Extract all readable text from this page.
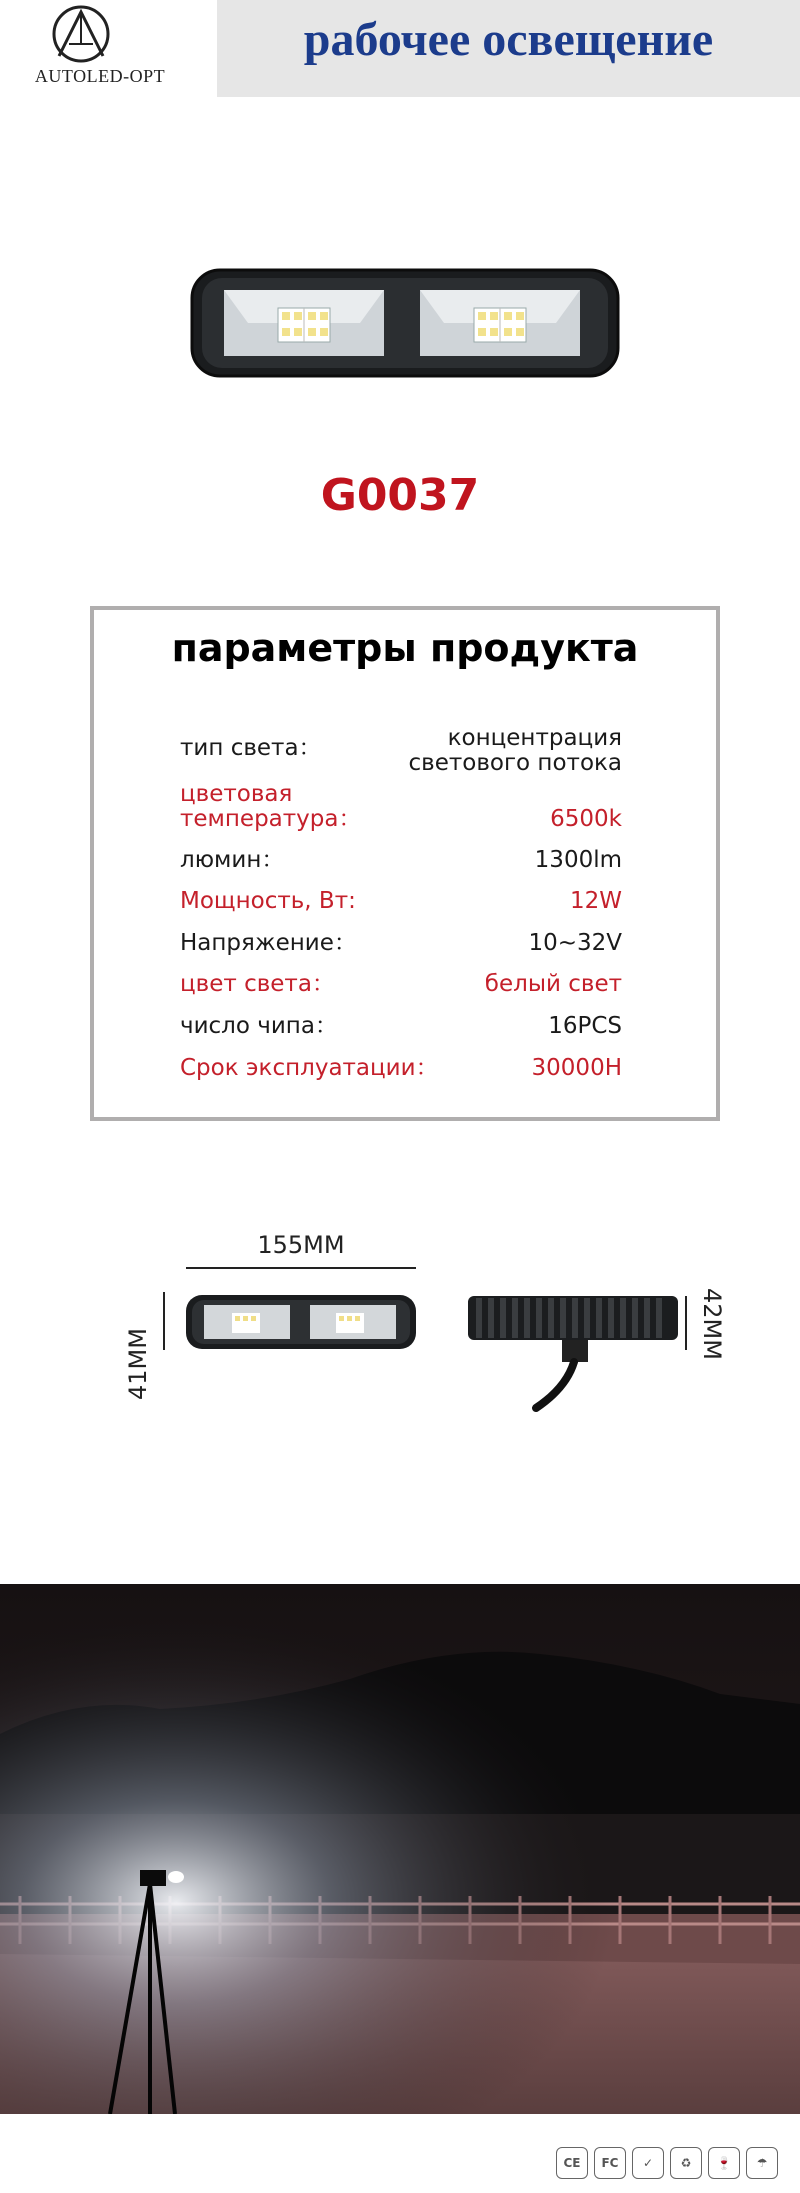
AUTOLED-OPT
рабочее освещение
G0037
параметры продукта
тип света：	концентрация
светового потока
цветовая
температура：	6500k
люмин：	1300lm
Мощность, Вт:	12W
Напряжение：	10~32V
цвет света：	белый свет
число чипа：	16PCS
Срок эксплуатации：	30000H
155MM
41MM
42MM
CE	FC	✓	♻	🍷	☂
